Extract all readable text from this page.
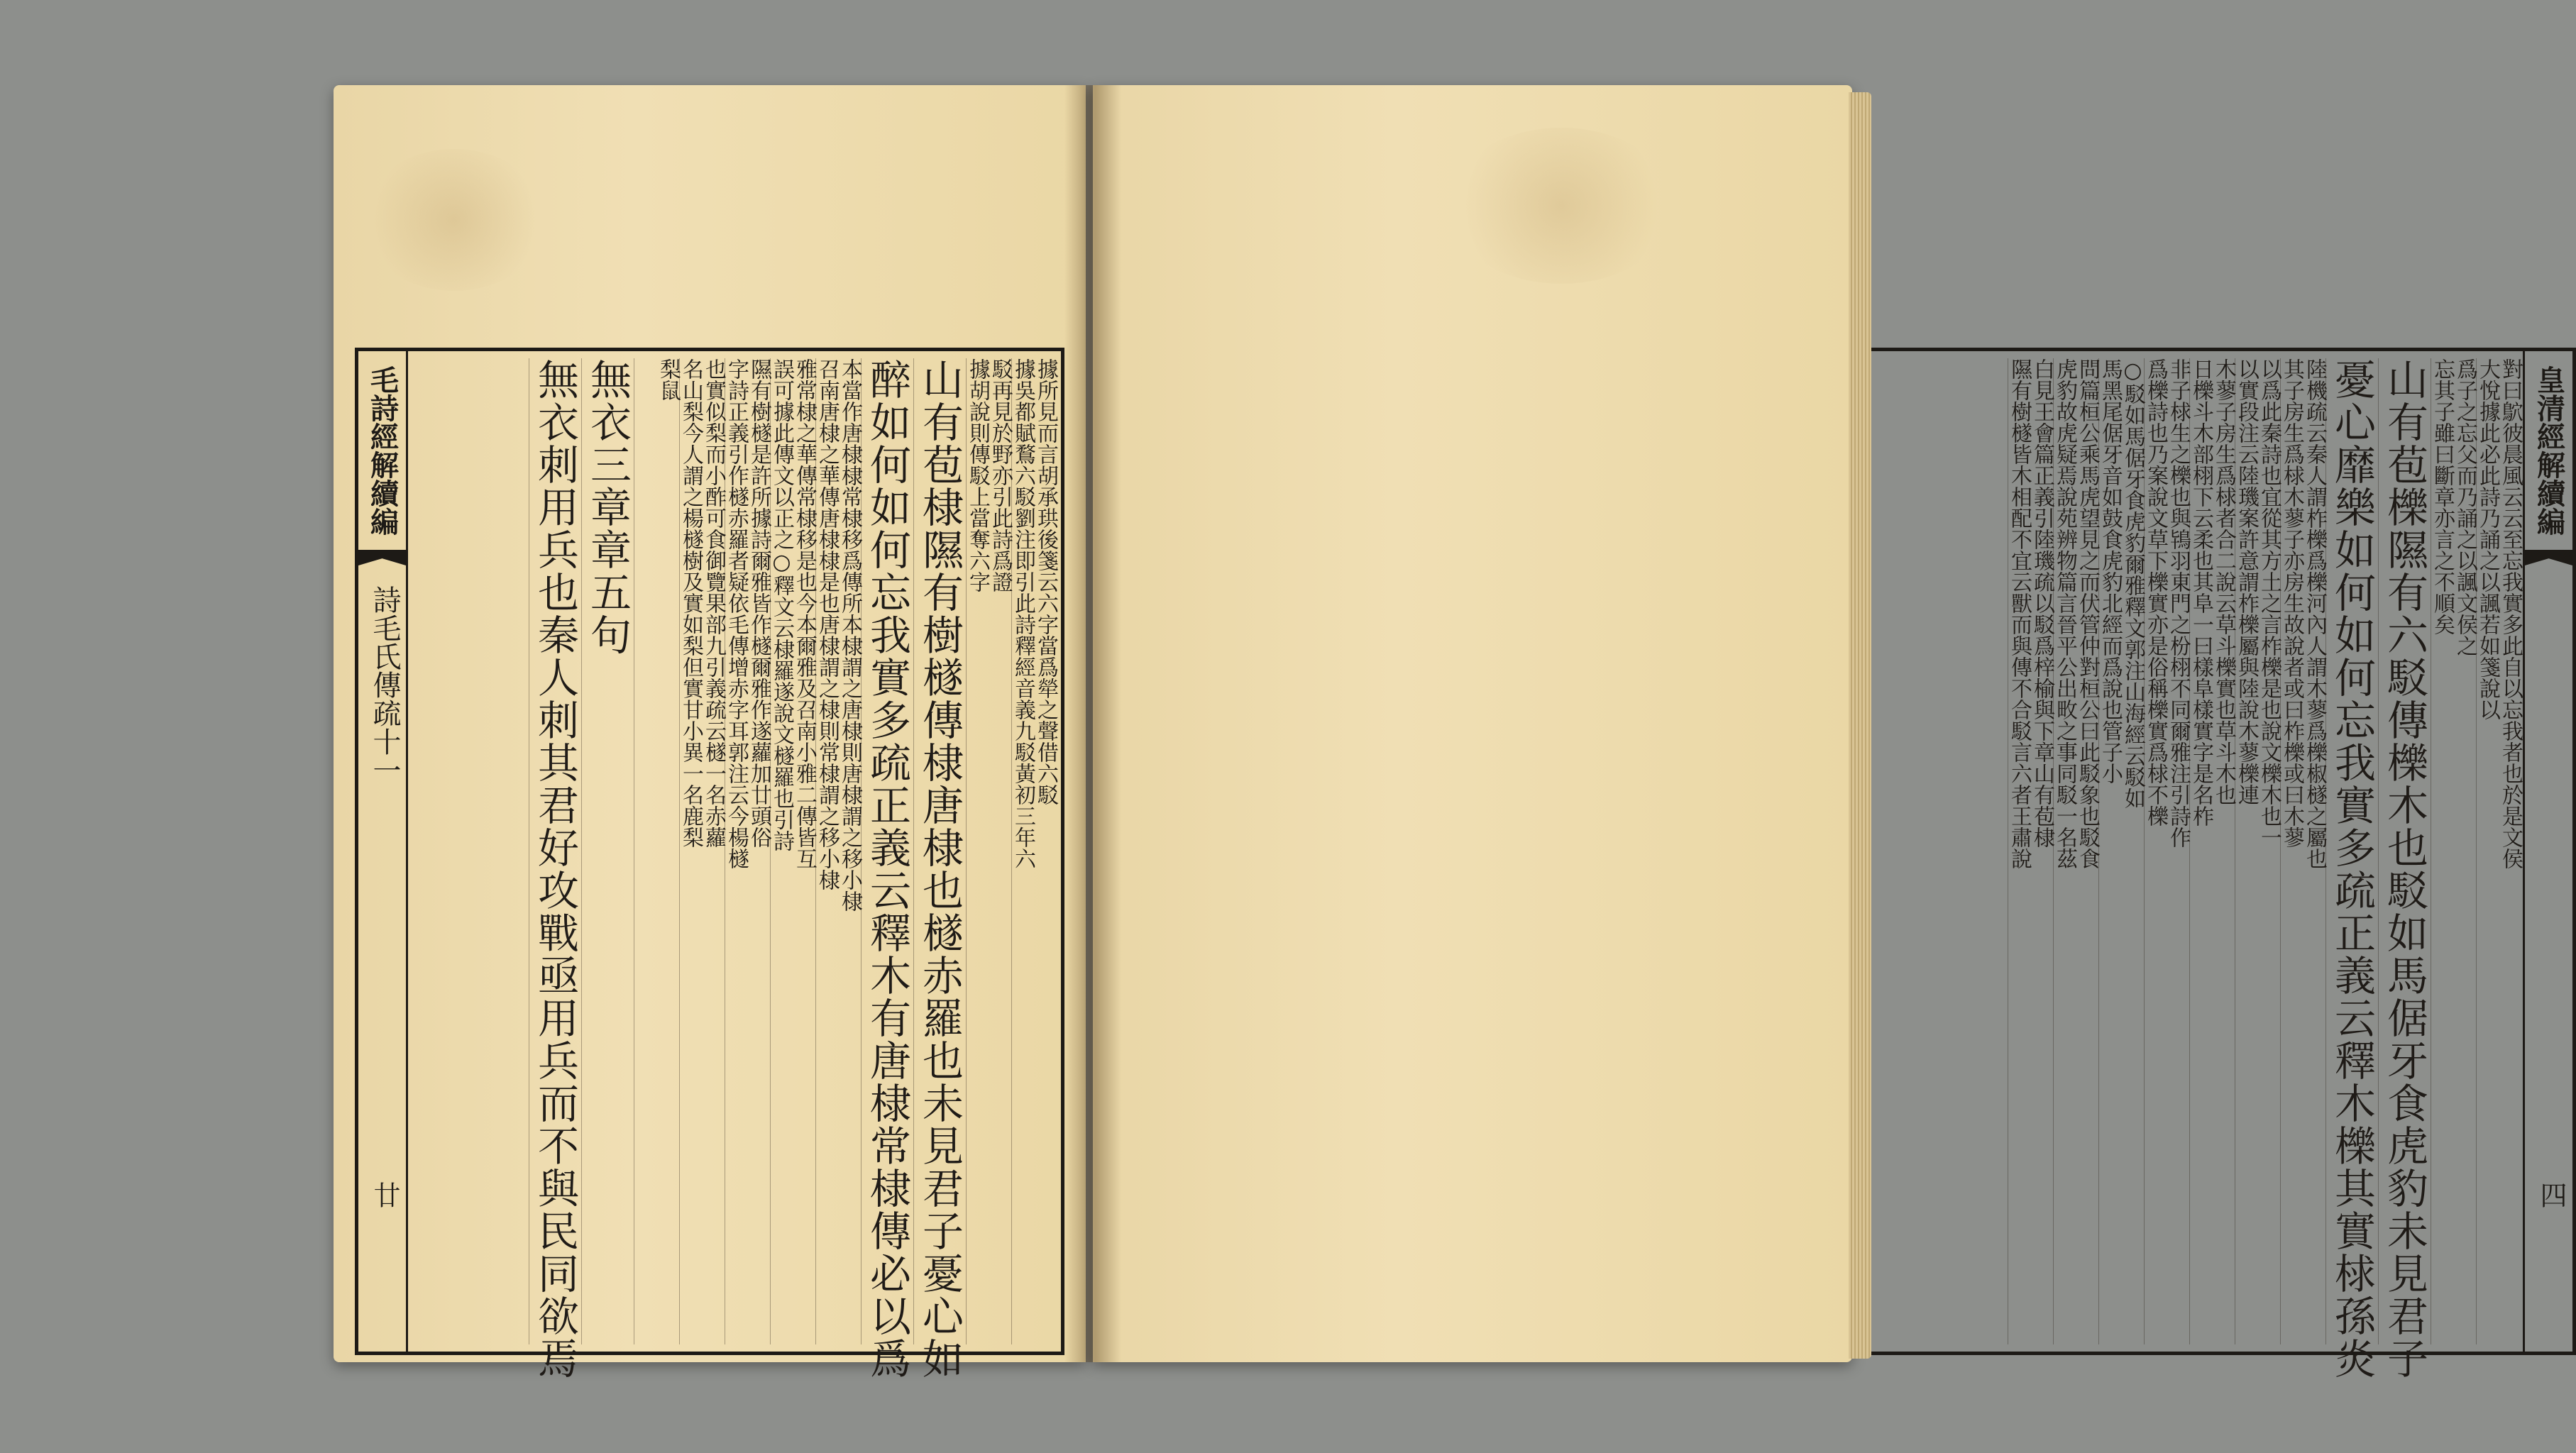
毛詩經解續編
詩毛氏傳疏十一
廿
據所見而言胡承珙後箋云六字當爲犖之聲借六駁
據吳都賦鶩六駁劉注即引此詩釋經音義九駁黃初三年六
駁再見於野亦引此詩爲證
據胡說則傳駁上當奪六字
山有苞棣隰有樹檖傳棣唐棣也檖赤羅也未見君子憂心如
醉如何如何忘我實多疏正義云釋木有唐棣常棣傳必以爲
本當作唐棣棣常棣移爲傳所本棣謂之唐棣則唐棣謂之移小棣
召南唐棣之華傳唐棣棣是也唐棣謂之棣則常棣謂之移小棣
雅常棣之華傳常棣移是也今本爾雅及召南小雅二傳皆互
誤可據此傳文以正之○釋文云棣羅遂說文檖羅也引詩
隰有樹檖是許所據詩爾雅皆作檖爾雅作遂蘿加廿頭俗
字詩正義引作檖赤羅者疑依毛傳增赤字耳郭注云今楊檖
也實似梨而小酢可食御覽果部九引義疏云檖一名赤蘿
名山梨今人謂之楊檖樹及實如梨但實甘小異一名鹿梨
梨鼠
無衣三章章五句
無衣刺用兵也秦人刺其君好攻戰亟用兵而不與民同欲焉	皇清經解續編
四
對曰鴥彼晨風云云至忘我實多此自以忘我者也於是文侯
大悅據此必此詩乃誦之以諷若如箋說以
爲子之忘父而乃誦之以諷文侯之
忘其子雖曰斷章亦言之不順矣
山有苞櫟隰有六駁傳櫟木也駁如馬倨牙食虎豹未見君子
憂心靡樂如何如何忘我實多疏正義云釋木櫟其實梂孫炎
陸機疏云秦人謂柞櫟爲櫟河內人謂木蓼爲櫟椒檖之屬也
其子房生爲梂木蓼子亦房生故說者或曰柞櫟或曰木蓼
以爲此秦詩也宜從其方土之言柞櫟是也說文櫟木也一
以實段注云陸璣案許意謂柞櫟屬與陸說木蓼櫟連
木蓼子房生爲梂者合二說云草斗櫟實也草斗木也
日櫟斗木部栩下云柔也其阜一曰樣阜樣實字是名柞
非子梂生之櫟也與鴇羽東門之枌栩不同爾雅注引詩作
爲櫟詩也乃案說文草下櫟實亦是俗稱櫟實爲梂不櫟
○駁如馬倨牙食虎豹爾雅釋文郭注山海經云駁如
馬黑尾倨牙音如鼓食虎豹北經而爲說也管子小
問篇桓公乘馬虎望見之而伏管仲對桓公曰此駁象也駁食
虎豹故虎疑焉說苑辨物篇言晉平公出畋之事同駁一名茲
白見王會篇正義引陸璣疏以駁爲梓榆與下章山有苞棣
隰有樹檖皆木相配不宜云獸而與傳不合駁言六者王肅說
